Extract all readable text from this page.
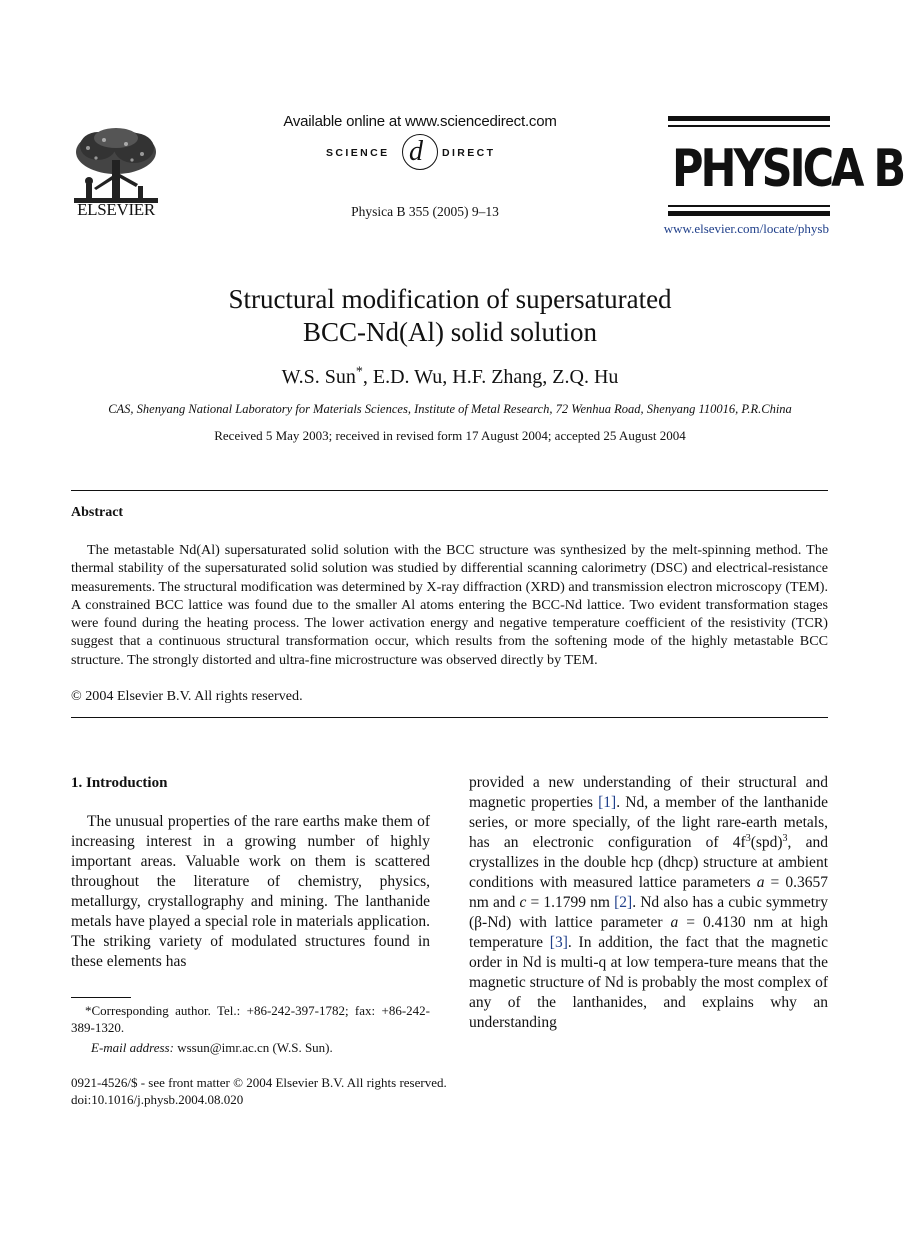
ELSEVIER
Available online at www.sciencedirect.com
SCIENCE d DIRECT
Physica B 355 (2005) 9–13
PHYSICA B
www.elsevier.com/locate/physb
Structural modification of supersaturated
BCC-Nd(Al) solid solution
W.S. Sun*, E.D. Wu, H.F. Zhang, Z.Q. Hu
CAS, Shenyang National Laboratory for Materials Sciences, Institute of Metal Research, 72 Wenhua Road, Shenyang 110016, P.R.China
Received 5 May 2003; received in revised form 17 August 2004; accepted 25 August 2004
Abstract
The metastable Nd(Al) supersaturated solid solution with the BCC structure was synthesized by the melt-spinning method. The thermal stability of the supersaturated solid solution was studied by differential scanning calorimetry (DSC) and electrical-resistance measurements. The structural modification was determined by X-ray diffraction (XRD) and transmission electron microscopy (TEM). A constrained BCC lattice was found due to the smaller Al atoms entering the BCC-Nd lattice. Two evident transformation stages were found during the heating process. The lower activation energy and negative temperature coefficient of the resistivity (TCR) suggest that a continuous structural transformation occur, which results from the softening mode of the highly metastable BCC structure. The strongly distorted and ultra-fine microstructure was observed directly by TEM.
© 2004 Elsevier B.V. All rights reserved.
1. Introduction

The unusual properties of the rare earths make them of increasing interest in a growing number of highly important areas. Valuable work on them is scattered throughout the literature of chemistry, physics, metallurgy, crystallography and mining. The lanthanide metals have played a special role in materials application. The striking variety of modulated structures found in these elements has

*Corresponding author. Tel.: +86-242-397-1782; fax: +86-242-389-1320.
E-mail address: wssun@imr.ac.cn (W.S. Sun).
0921-4526/$ - see front matter © 2004 Elsevier B.V. All rights reserved.
doi:10.1016/j.physb.2004.08.020
provided a new understanding of their structural and magnetic properties [1]. Nd, a member of the lanthanide series, or more specially, of the light rare-earth metals, has an electronic configuration of $4f^3(spd)^3$, and crystallizes in the double hcp (dhcp) structure at ambient conditions with measured lattice parameters a = 0.3657 nm and c = 1.1799 nm [2]. Nd also has a cubic symmetry (β-Nd) with lattice parameter a = 0.4130 nm at high temperature [3]. In addition, the fact that the magnetic order in Nd is multi-q at low tempera-ture means that the magnetic structure of Nd is probably the most complex of any of the lanthanides, and explains why an understanding
